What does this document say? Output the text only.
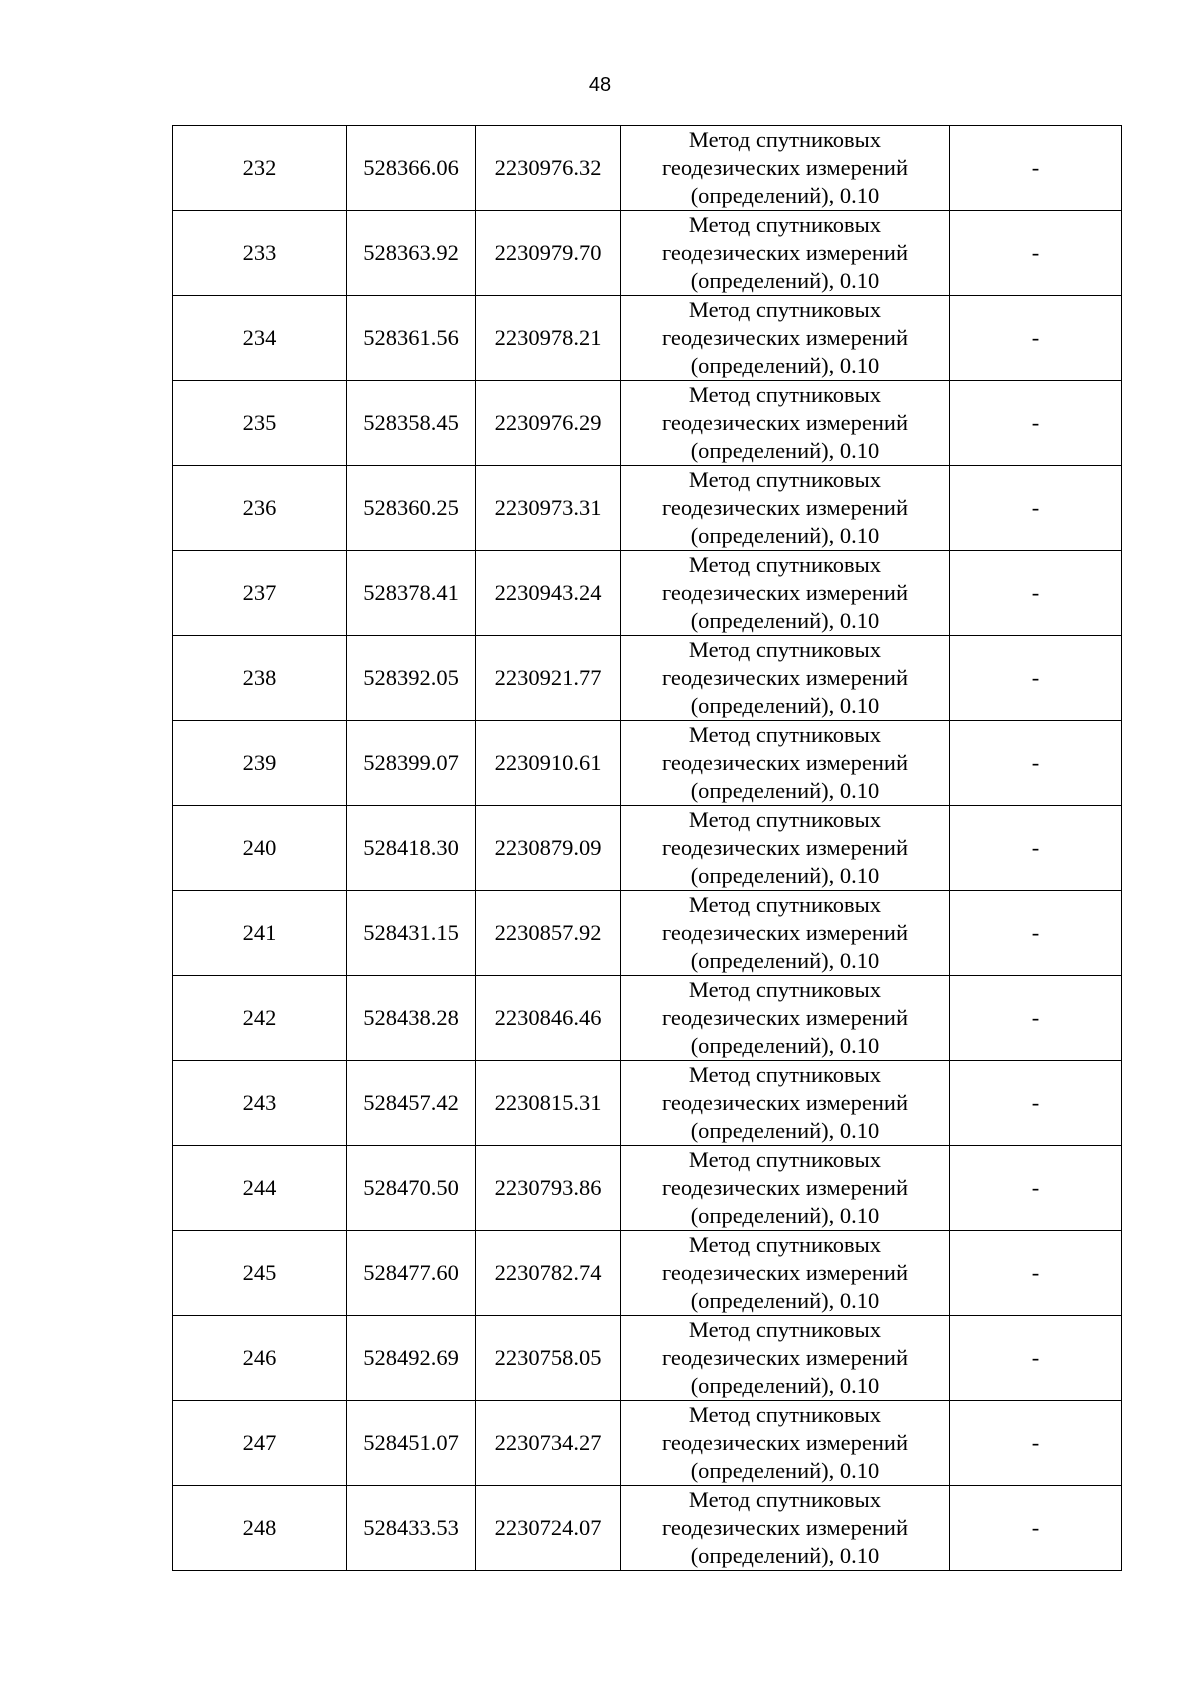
48
232	528366.06	2230976.32	Метод спутниковых
геодезических измерений
(определений), 0.10	-
233	528363.92	2230979.70	Метод спутниковых
геодезических измерений
(определений), 0.10	-
234	528361.56	2230978.21	Метод спутниковых
геодезических измерений
(определений), 0.10	-
235	528358.45	2230976.29	Метод спутниковых
геодезических измерений
(определений), 0.10	-
236	528360.25	2230973.31	Метод спутниковых
геодезических измерений
(определений), 0.10	-
237	528378.41	2230943.24	Метод спутниковых
геодезических измерений
(определений), 0.10	-
238	528392.05	2230921.77	Метод спутниковых
геодезических измерений
(определений), 0.10	-
239	528399.07	2230910.61	Метод спутниковых
геодезических измерений
(определений), 0.10	-
240	528418.30	2230879.09	Метод спутниковых
геодезических измерений
(определений), 0.10	-
241	528431.15	2230857.92	Метод спутниковых
геодезических измерений
(определений), 0.10	-
242	528438.28	2230846.46	Метод спутниковых
геодезических измерений
(определений), 0.10	-
243	528457.42	2230815.31	Метод спутниковых
геодезических измерений
(определений), 0.10	-
244	528470.50	2230793.86	Метод спутниковых
геодезических измерений
(определений), 0.10	-
245	528477.60	2230782.74	Метод спутниковых
геодезических измерений
(определений), 0.10	-
246	528492.69	2230758.05	Метод спутниковых
геодезических измерений
(определений), 0.10	-
247	528451.07	2230734.27	Метод спутниковых
геодезических измерений
(определений), 0.10	-
248	528433.53	2230724.07	Метод спутниковых
геодезических измерений
(определений), 0.10	-
